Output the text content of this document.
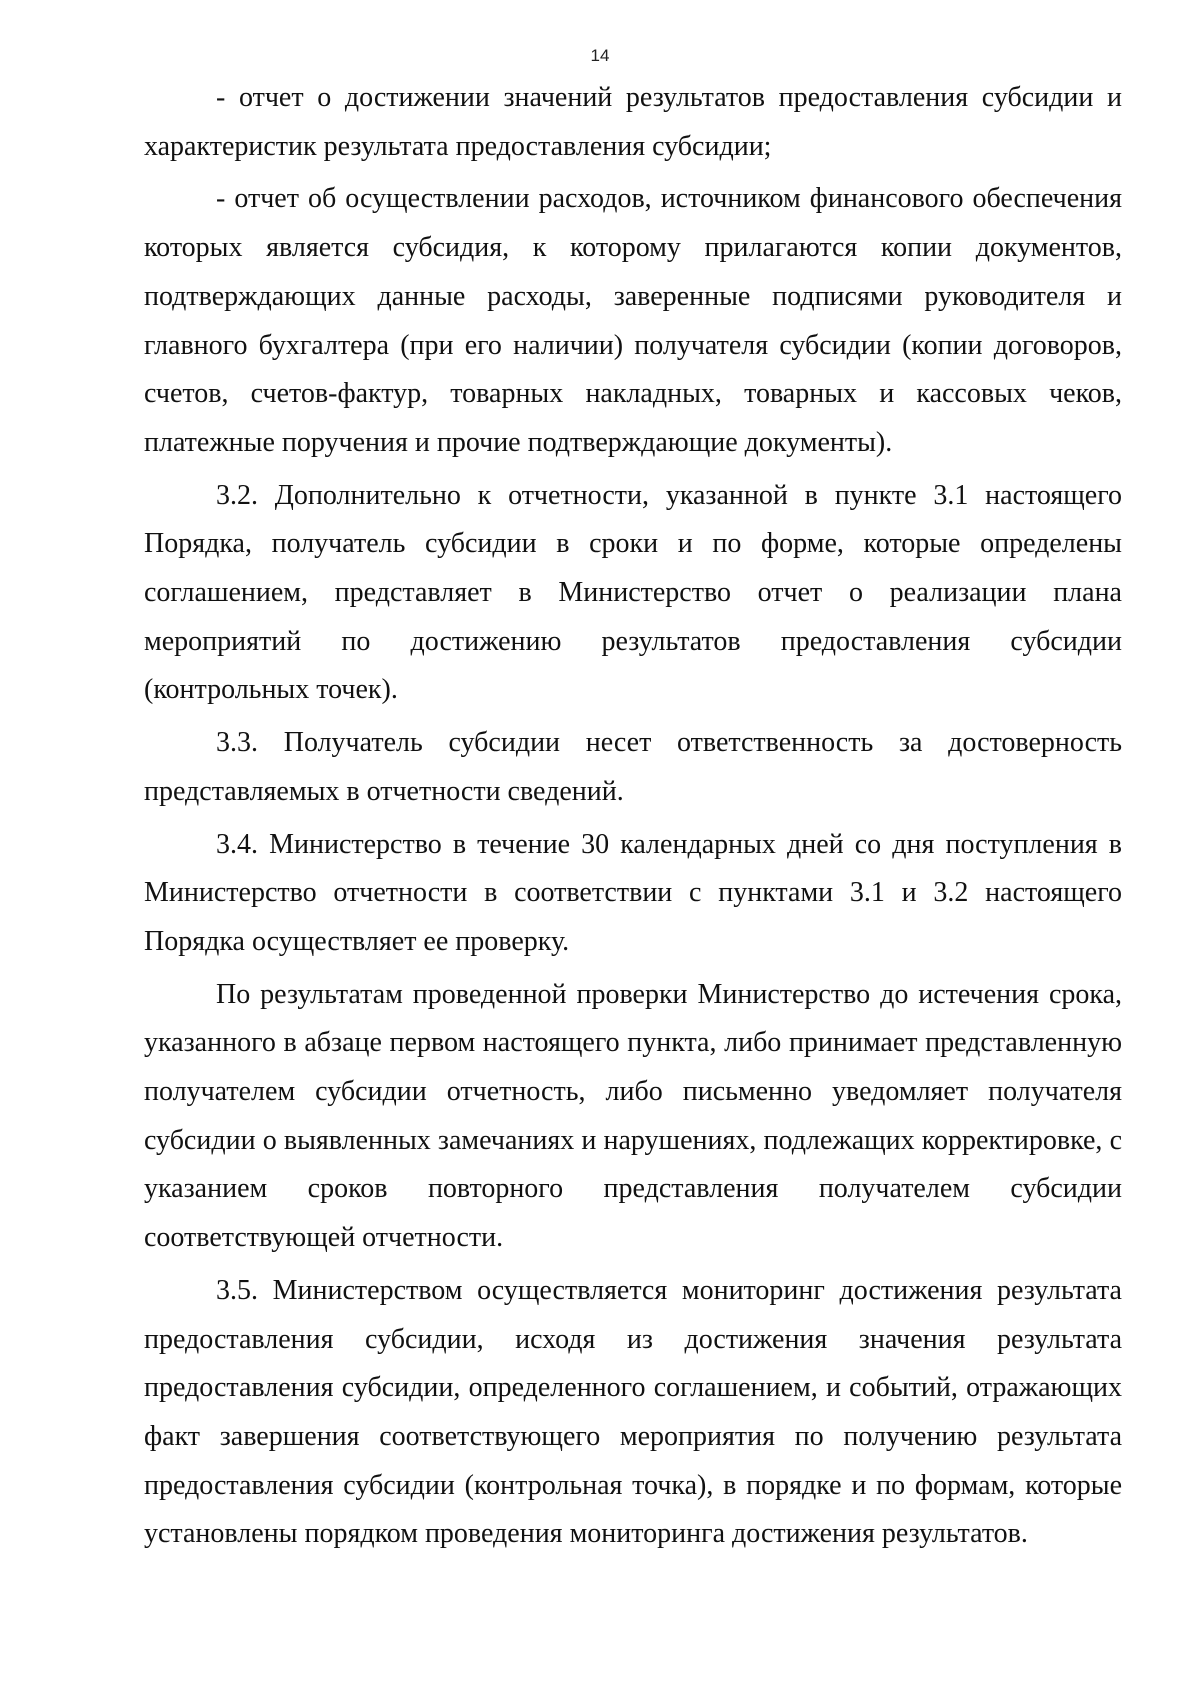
14

- отчет о достижении значений результатов предоставления субсидии и характеристик результата предоставления субсидии;

- отчет об осуществлении расходов, источником финансового обеспечения которых является субсидия, к которому прилагаются копии документов, подтверждающих данные расходы, заверенные подписями руководителя и главного бухгалтера (при его наличии) получателя субсидии (копии договоров, счетов, счетов-фактур, товарных накладных, товарных и кассовых чеков, платежные поручения и прочие подтверждающие документы).

3.2. Дополнительно к отчетности, указанной в пункте 3.1 настоящего Порядка, получатель субсидии в сроки и по форме, которые определены соглашением, представляет в Министерство отчет о реализации плана мероприятий по достижению результатов предоставления субсидии (контрольных точек).

3.3. Получатель субсидии несет ответственность за достоверность представляемых в отчетности сведений.

3.4. Министерство в течение 30 календарных дней со дня поступления в Министерство отчетности в соответствии с пунктами 3.1 и 3.2 настоящего Порядка осуществляет ее проверку.

По результатам проведенной проверки Министерство до истечения срока, указанного в абзаце первом настоящего пункта, либо принимает представленную получателем субсидии отчетность, либо письменно уведомляет получателя субсидии о выявленных замечаниях и нарушениях, подлежащих корректировке, с указанием сроков повторного представления получателем субсидии соответствующей отчетности.

3.5. Министерством осуществляется мониторинг достижения результата предоставления субсидии, исходя из достижения значения результата предоставления субсидии, определенного соглашением, и событий, отражающих факт завершения соответствующего мероприятия по получению результата предоставления субсидии (контрольная точка), в порядке и по формам, которые установлены порядком проведения мониторинга достижения результатов.
